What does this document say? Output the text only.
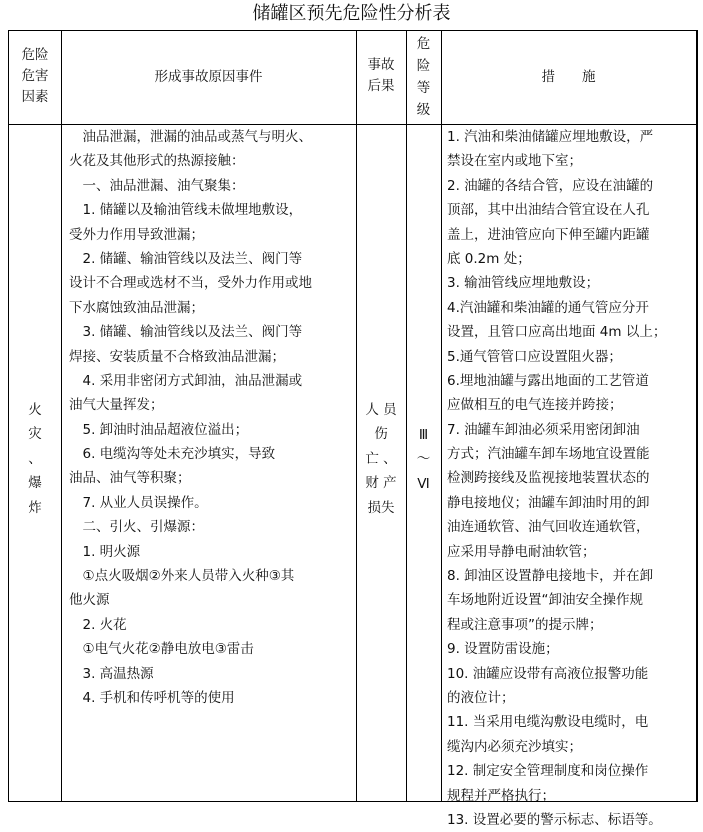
储罐区预先危险性分析表
危险
危害
因素
形成事故原因事件
事故
后果
危
险
等
级
措　　施
火
灾
、
爆
炸
　油品泄漏，泄漏的油品或蒸气与明火、
火花及其他形式的热源接触：
　一、油品泄漏、油气聚集：
　1. 储罐以及输油管线未做埋地敷设，
受外力作用导致泄漏；
　2. 储罐、输油管线以及法兰、阀门等
设计不合理或选材不当，受外力作用或地
下水腐蚀致油品泄漏；
　3. 储罐、输油管线以及法兰、阀门等
焊接、安装质量不合格致油品泄漏；
　4. 采用非密闭方式卸油，油品泄漏或
油气大量挥发；
　5. 卸油时油品超液位溢出；
　6. 电缆沟等处未充沙填实，导致
油品、油气等积聚；
　7. 从业人员误操作。
　二、引火、引爆源：
　1. 明火源
　①点火吸烟②外来人员带入火种③其
他火源
　2. 火花
　①电气火花②静电放电③雷击
　3. 高温热源
　4. 手机和传呼机等的使用
人 员
伤
亡 、
财 产
损失
Ⅲ
～
Ⅵ
1. 汽油和柴油储罐应埋地敷设，严
禁设在室内或地下室；
2. 油罐的各结合管，应设在油罐的
顶部，其中出油结合管宜设在人孔
盖上，进油管应向下伸至罐内距罐
底 0.2m 处；
3. 输油管线应埋地敷设；
4.汽油罐和柴油罐的通气管应分开
设置，且管口应高出地面 4m 以上；
5.通气管管口应设置阻火器；
6.埋地油罐与露出地面的工艺管道
应做相互的电气连接并跨接；
7. 油罐车卸油必须采用密闭卸油
方式；汽油罐车卸车场地宜设置能
检测跨接线及监视接地装置状态的
静电接地仪；油罐车卸油时用的卸
油连通软管、油气回收连通软管，
应采用导静电耐油软管；
8. 卸油区设置静电接地卡，并在卸
车场地附近设置“卸油安全操作规
程或注意事项”的提示牌；
9. 设置防雷设施；
10. 油罐应设带有高液位报警功能
的液位计；
11. 当采用电缆沟敷设电缆时，电
缆沟内必须充沙填实；
12. 制定安全管理制度和岗位操作
规程并严格执行；
13. 设置必要的警示标志、标语等。
